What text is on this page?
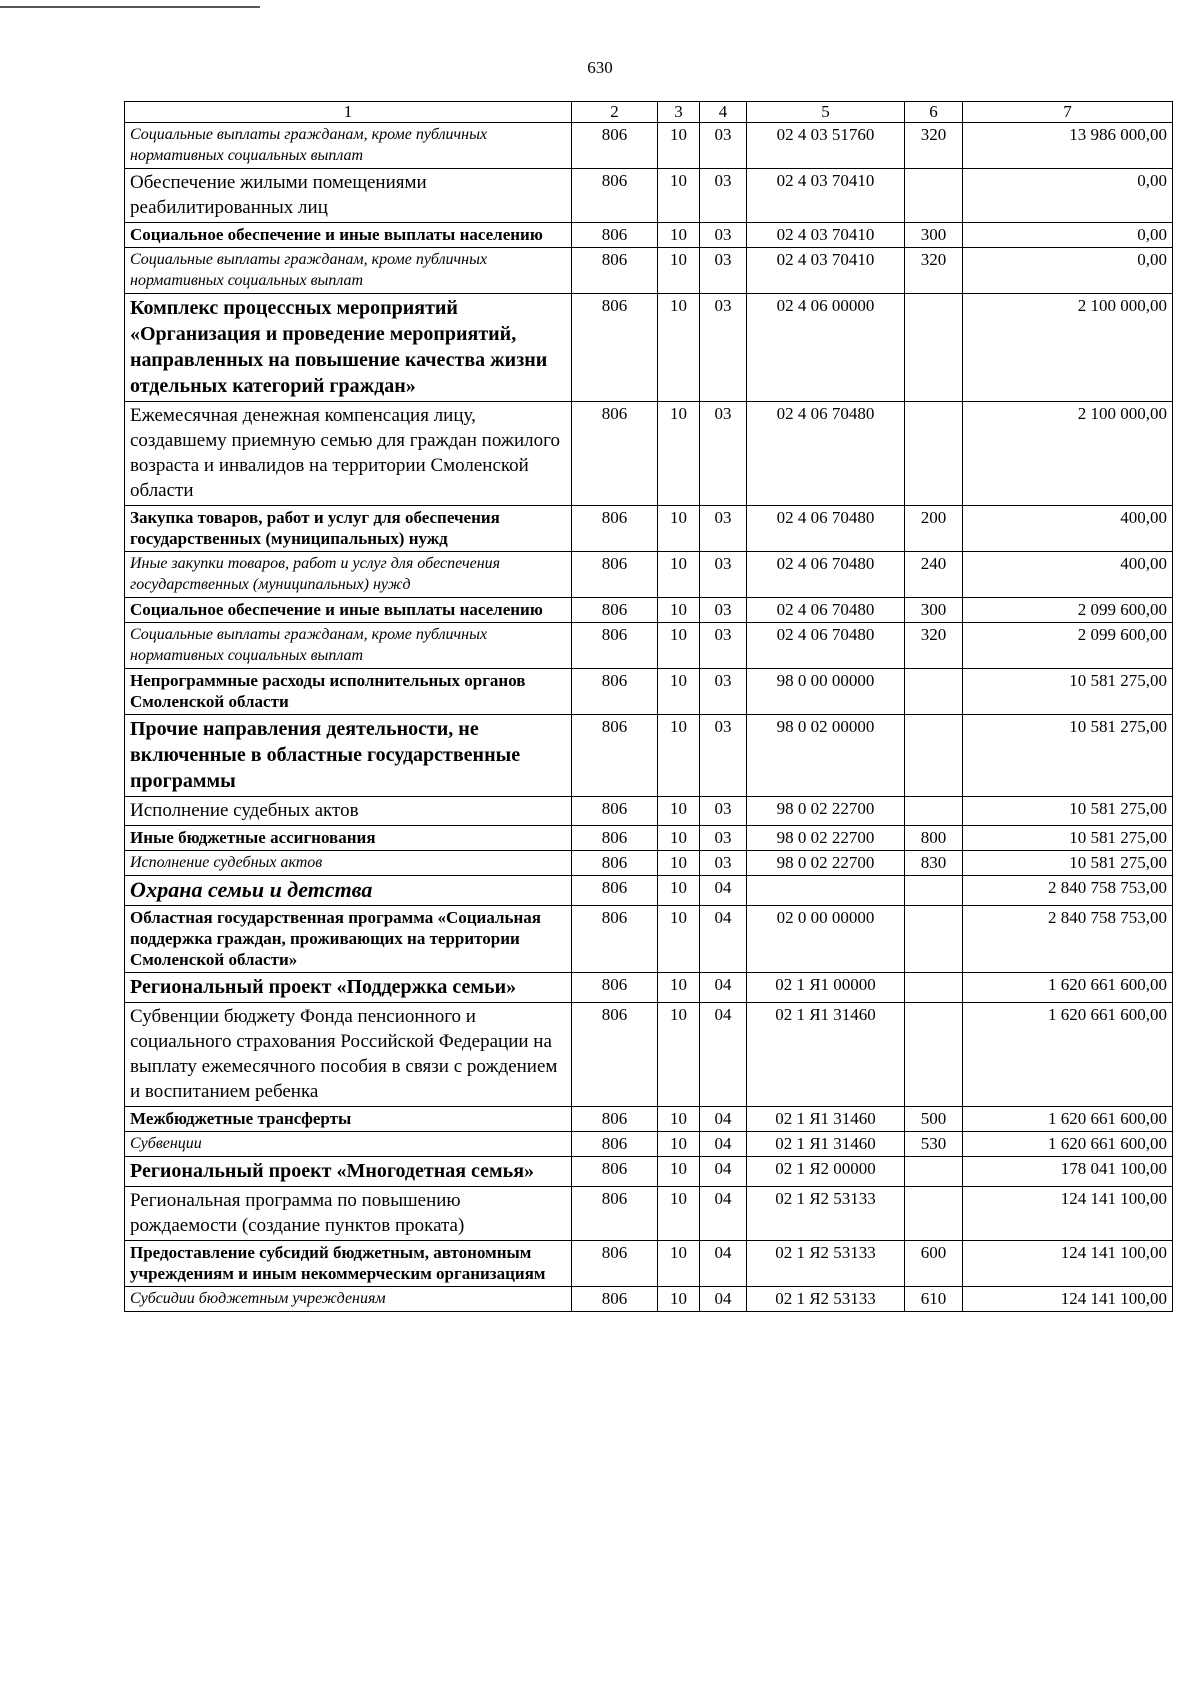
630
1	2	3	4	5	6	7
Социальные выплаты гражданам, кроме публичных нормативных социальных выплат	806	10	03	02 4 03 51760	320	13 986 000,00
Обеспечение жилыми помещениями реабилитированных лиц	806	10	03	02 4 03 70410		0,00
Социальное обеспечение и иные выплаты населению	806	10	03	02 4 03 70410	300	0,00
Социальные выплаты гражданам, кроме публичных нормативных социальных выплат	806	10	03	02 4 03 70410	320	0,00
Комплекс процессных мероприятий «Организация и проведение мероприятий, направленных на повышение качества жизни отдельных категорий граждан»	806	10	03	02 4 06 00000		2 100 000,00
Ежемесячная денежная компенсация лицу, создавшему приемную семью для граждан пожилого возраста и инвалидов на территории Смоленской области	806	10	03	02 4 06 70480		2 100 000,00
Закупка товаров, работ и услуг для обеспечения государственных (муниципальных) нужд	806	10	03	02 4 06 70480	200	400,00
Иные закупки товаров, работ и услуг для обеспечения государственных (муниципальных) нужд	806	10	03	02 4 06 70480	240	400,00
Социальное обеспечение и иные выплаты населению	806	10	03	02 4 06 70480	300	2 099 600,00
Социальные выплаты гражданам, кроме публичных нормативных социальных выплат	806	10	03	02 4 06 70480	320	2 099 600,00
Непрограммные расходы исполнительных органов Смоленской области	806	10	03	98 0 00 00000		10 581 275,00
Прочие направления деятельности, не включенные в областные государственные программы	806	10	03	98 0 02 00000		10 581 275,00
Исполнение судебных актов	806	10	03	98 0 02 22700		10 581 275,00
Иные бюджетные ассигнования	806	10	03	98 0 02 22700	800	10 581 275,00
Исполнение судебных актов	806	10	03	98 0 02 22700	830	10 581 275,00
Охрана семьи и детства	806	10	04			2 840 758 753,00
Областная государственная программа «Социальная поддержка граждан, проживающих на территории Смоленской области»	806	10	04	02 0 00 00000		2 840 758 753,00
Региональный проект «Поддержка семьи»	806	10	04	02 1 Я1 00000		1 620 661 600,00
Субвенции бюджету Фонда пенсионного и социального страхования Российской Федерации на выплату ежемесячного пособия в связи с рождением и воспитанием ребенка	806	10	04	02 1 Я1 31460		1 620 661 600,00
Межбюджетные трансферты	806	10	04	02 1 Я1 31460	500	1 620 661 600,00
Субвенции	806	10	04	02 1 Я1 31460	530	1 620 661 600,00
Региональный проект «Многодетная семья»	806	10	04	02 1 Я2 00000		178 041 100,00
Региональная программа по повышению рождаемости (создание пунктов проката)	806	10	04	02 1 Я2 53133		124 141 100,00
Предоставление субсидий бюджетным, автономным учреждениям и иным некоммерческим организациям	806	10	04	02 1 Я2 53133	600	124 141 100,00
Субсидии бюджетным учреждениям	806	10	04	02 1 Я2 53133	610	124 141 100,00
